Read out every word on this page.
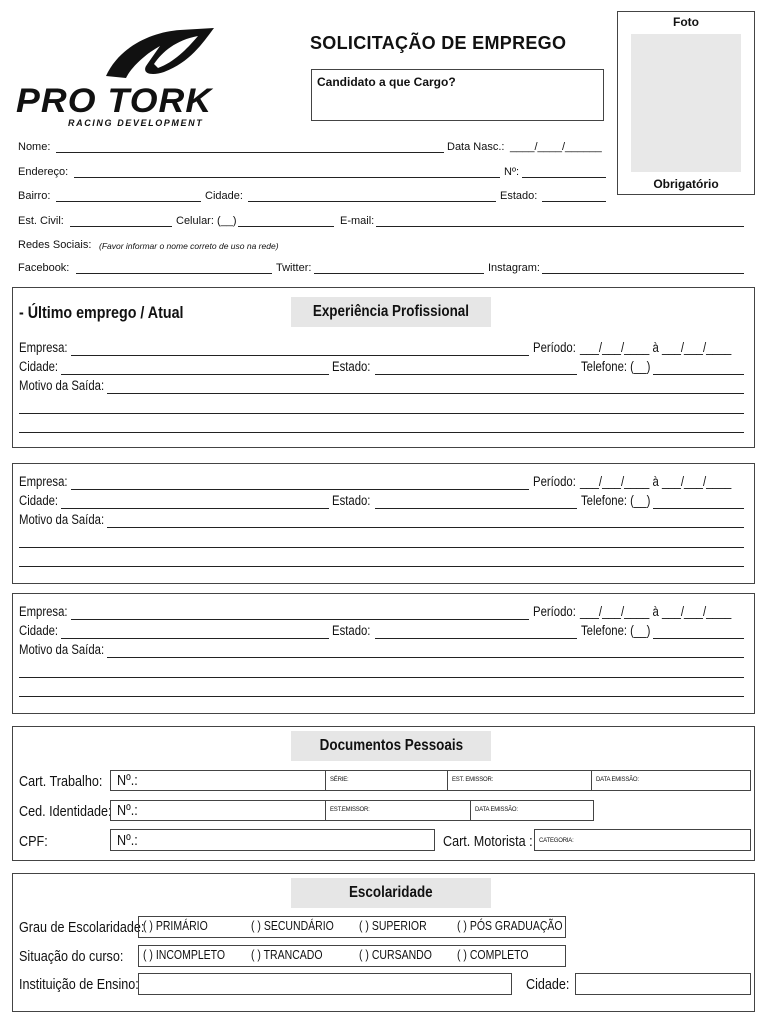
PRO TORK
RACING DEVELOPMENT
SOLICITAÇÃO DE EMPREGO
Candidato a que Cargo?
Foto
Obrigatório
Nome:	Data Nasc.: ____/____/______
Endereço:	Nº:
Bairro:	Cidade:	Estado:
Est. Civil:	Celular: (__)	E-mail:
Redes Sociais: (Favor informar o nome correto de uso na rede)
Facebook:	Twitter:	Instagram:
- Último emprego / Atual	Experiência Profissional
Empresa:	Período: ___/___/____ à ___/___/____
Cidade:	Estado:	Telefone: (__)
Motivo da Saída:
Empresa:	Período: ___/___/____ à ___/___/____
Cidade:	Estado:	Telefone: (__)
Motivo da Saída:
Empresa:	Período: ___/___/____ à ___/___/____
Cidade:	Estado:	Telefone: (__)
Motivo da Saída:
Documentos Pessoais
Cart. Trabalho: Nº.:	SÉRIE:	EST. EMISSOR:	DATA EMISSÃO:
Ced. Identidade: Nº.:	EST.EMISSOR:	DATA EMISSÃO:
CPF:	Nº.:	Cart. Motorista : CATEGORIA:
Escolaridade
Grau de Escolaridade:
( ) PRIMÁRIO	( ) SECUNDÁRIO ( ) SUPERIOR ( ) PÓS GRADUAÇÃO
Situação do curso: ( ) INCOMPLETO ( ) TRANCADO	( ) CURSANDO ( ) COMPLETO
Instituição de Ensino:	Cidade:
